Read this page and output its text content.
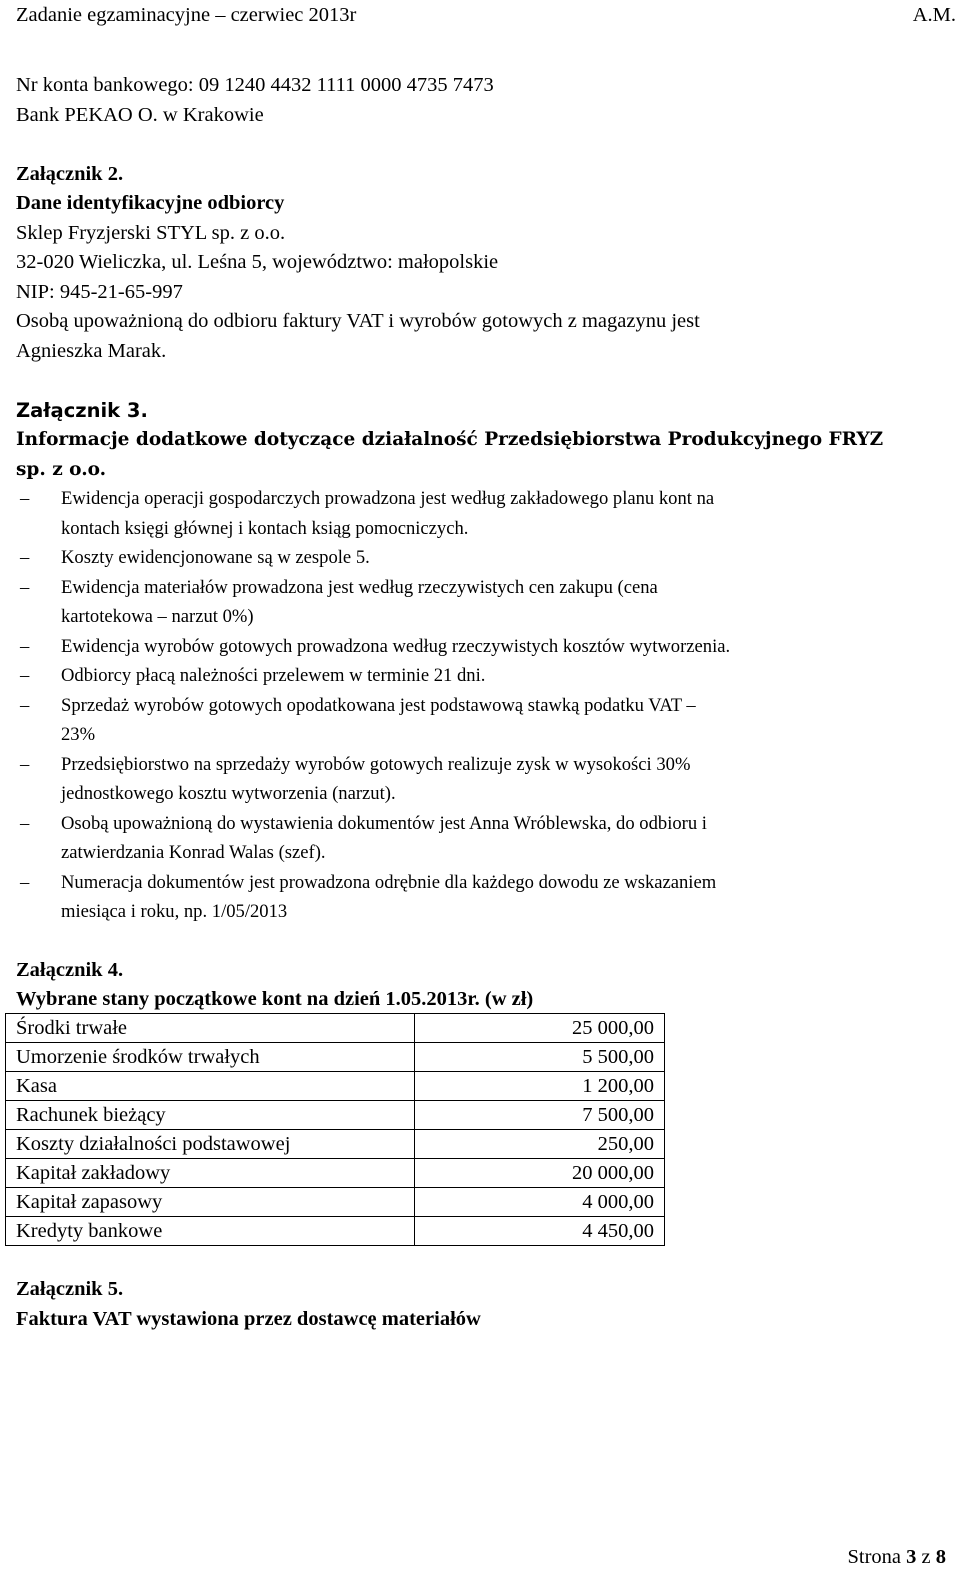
Zadanie egzaminacyjne – czerwiec 2013r	A.M.
Nr konta bankowego: 09 1240 4432 1111 0000 4735 7473
Bank PEKAO O. w Krakowie
Załącznik 2.
Dane identyfikacyjne odbiorcy
Sklep Fryzjerski STYL sp. z o.o.
32-020 Wieliczka, ul. Leśna 5, województwo: małopolskie
NIP: 945-21-65-997
Osobą upoważnioną do odbioru faktury VAT i wyrobów gotowych z magazynu jest
Agnieszka Marak.
Załącznik 3.
Informacje dodatkowe dotyczące działalność Przedsiębiorstwa Produkcyjnego FRYZ
sp. z o.o.
– Ewidencja operacji gospodarczych prowadzona jest według zakładowego planu kont na
kontach księgi głównej i kontach ksiąg pomocniczych.
– Koszty ewidencjonowane są w zespole 5.
– Ewidencja materiałów prowadzona jest według rzeczywistych cen zakupu (cena
kartotekowa – narzut 0%)
– Ewidencja wyrobów gotowych prowadzona według rzeczywistych kosztów wytworzenia.
– Odbiorcy płacą należności przelewem w terminie 21 dni.
– Sprzedaż wyrobów gotowych opodatkowana jest podstawową stawką podatku VAT –
23%
– Przedsiębiorstwo na sprzedaży wyrobów gotowych realizuje zysk w wysokości 30%
jednostkowego kosztu wytworzenia (narzut).
– Osobą upoważnioną do wystawienia dokumentów jest Anna Wróblewska, do odbioru i
zatwierdzania Konrad Walas (szef).
– Numeracja dokumentów jest prowadzona odrębnie dla każdego dowodu ze wskazaniem
miesiąca i roku, np. 1/05/2013
Załącznik 4.
Wybrane stany początkowe kont na dzień 1.05.2013r. (w zł)
Środki trwałe	25 000,00
Umorzenie środków trwałych	5 500,00
Kasa	1 200,00
Rachunek bieżący	7 500,00
Koszty działalności podstawowej	250,00
Kapitał zakładowy	20 000,00
Kapitał zapasowy	4 000,00
Kredyty bankowe	4 450,00
Załącznik 5.
Faktura VAT wystawiona przez dostawcę materiałów
Strona 3 z 8
